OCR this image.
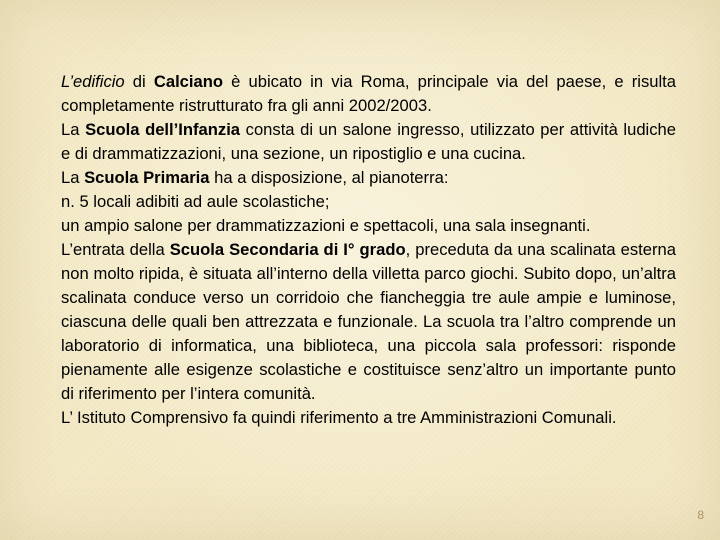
L’edificio di Calciano è ubicato in via Roma, principale via del paese, e risulta completamente ristrutturato fra gli anni 2002/2003.

La Scuola dell’Infanzia consta di un salone ingresso, utilizzato per attività ludiche e di drammatizzazioni, una sezione, un ripostiglio e una cucina.

La Scuola Primaria ha a disposizione, al pianoterra:

n. 5 locali adibiti ad aule scolastiche;

un ampio salone per drammatizzazioni e spettacoli, una sala insegnanti.

L’entrata della Scuola Secondaria di I° grado, preceduta da una scalinata esterna non molto ripida, è situata all’interno della villetta parco giochi. Subito dopo, un’altra scalinata conduce verso un corridoio che fiancheggia tre aule ampie e luminose, ciascuna delle quali ben attrezzata e funzionale. La scuola tra l’altro comprende un laboratorio di informatica, una biblioteca, una piccola sala professori: risponde pienamente alle esigenze scolastiche e costituisce senz’altro un importante punto di riferimento per l’intera comunità.

L’ Istituto Comprensivo fa quindi riferimento a tre Amministrazioni Comunali.

8
